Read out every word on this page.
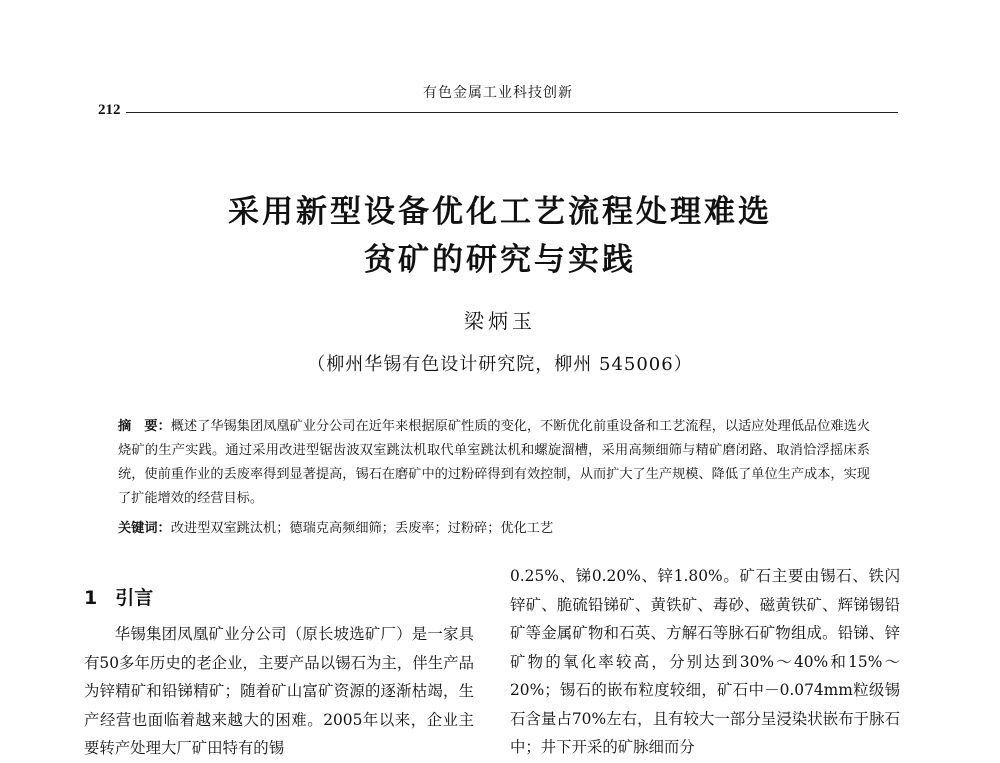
有色金属工业科技创新
212
采用新型设备优化工艺流程处理难选
贫矿的研究与实践
梁炳玉
（柳州华锡有色设计研究院，柳州 545006）
摘　要：概述了华锡集团凤凰矿业分公司在近年来根据原矿性质的变化，不断优化前重设备和工艺流程，以适应处理低品位难选火烧矿的生产实践。通过采用改进型锯齿波双室跳汰机取代单室跳汰机和螺旋溜槽，采用高频细筛与精矿磨闭路、取消恰浮摇床系统，使前重作业的丢废率得到显著提高，锡石在磨矿中的过粉碎得到有效控制，从而扩大了生产规模、降低了单位生产成本，实现了扩能增效的经营目标。
关键词：改进型双室跳汰机；德瑞克高频细筛；丢废率；过粉碎；优化工艺
1 引言

华锡集团凤凰矿业分公司（原长坡选矿厂）是一家具有50多年历史的老企业，主要产品以锡石为主，伴生产品为锌精矿和铅锑精矿；随着矿山富矿资源的逐渐枯竭，生产经营也面临着越来越大的困难。2005年以来，企业主要转产处理大厂矿田特有的锡

0.25%、锑0.20%、锌1.80%。矿石主要由锡石、铁闪锌矿、脆硫铅锑矿、黄铁矿、毒砂、磁黄铁矿、辉锑锡铅矿等金属矿物和石英、方解石等脉石矿物组成。铅锑、锌矿物的氧化率较高，分别达到30%～40%和15%～20%；锡石的嵌布粒度较细，矿石中－0.074mm粒级锡石含量占70%左右，且有较大一部分呈浸染状嵌布于脉石中；井下开采的矿脉细而分
